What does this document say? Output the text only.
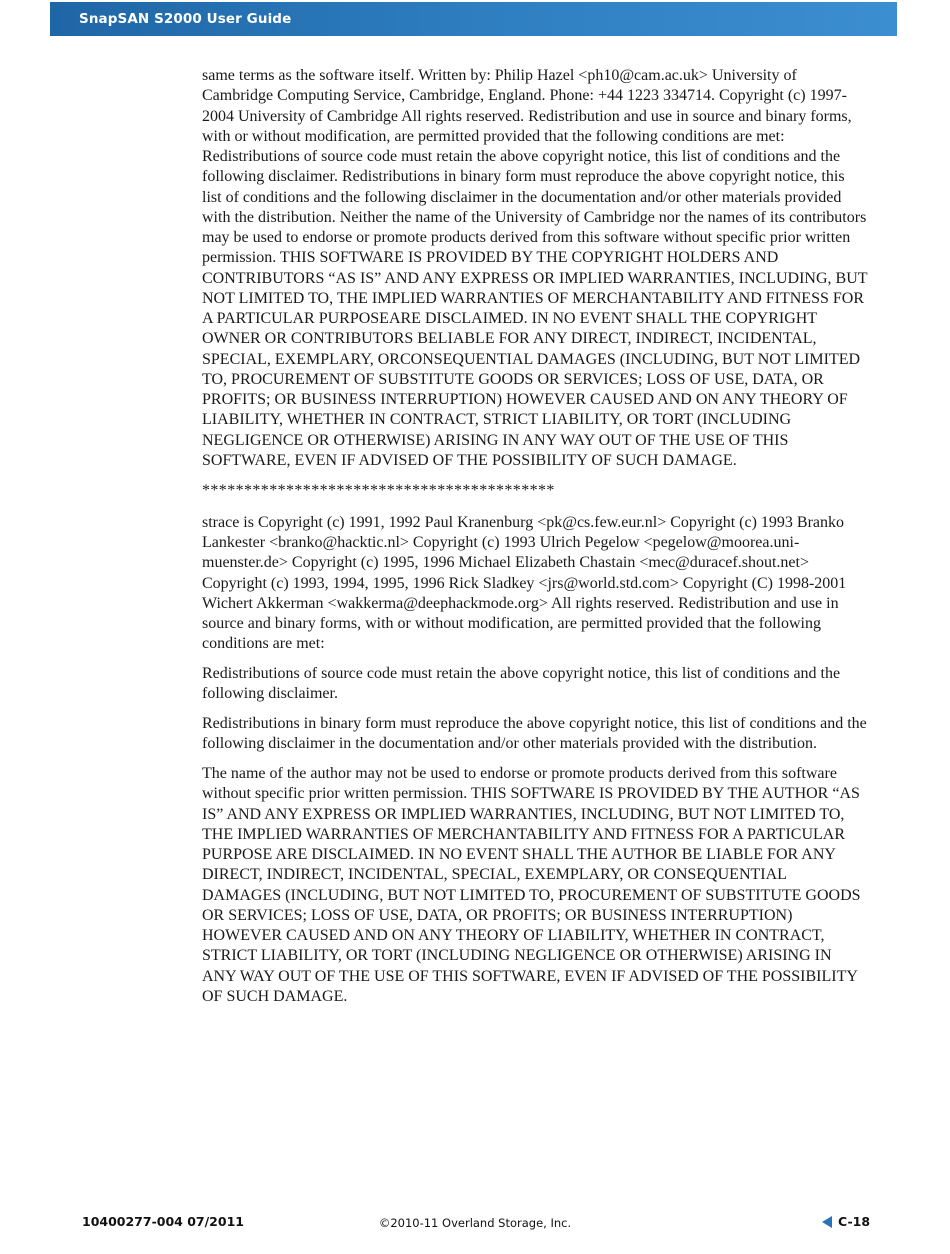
SnapSAN S2000 User Guide

same terms as the software itself. Written by: Philip Hazel <ph10@cam.ac.uk> University of Cambridge Computing Service, Cambridge, England. Phone: +44 1223 334714. Copyright (c) 1997-2004 University of Cambridge All rights reserved. Redistribution and use in source and binary forms, with or without modification, are permitted provided that the following conditions are met: Redistributions of source code must retain the above copyright notice, this list of conditions and the following disclaimer. Redistributions in binary form must reproduce the above copyright notice, this list of conditions and the following disclaimer in the documentation and/or other materials provided with the distribution. Neither the name of the University of Cambridge nor the names of its contributors may be used to endorse or promote products derived from this software without specific prior written permission. THIS SOFTWARE IS PROVIDED BY THE COPYRIGHT HOLDERS AND CONTRIBUTORS “AS IS” AND ANY EXPRESS OR IMPLIED WARRANTIES, INCLUDING, BUT NOT LIMITED TO, THE IMPLIED WARRANTIES OF MERCHANTABILITY AND FITNESS FOR A PARTICULAR PURPOSEARE DISCLAIMED. IN NO EVENT SHALL THE COPYRIGHT OWNER OR CONTRIBUTORS BELIABLE FOR ANY DIRECT, INDIRECT, INCIDENTAL, SPECIAL, EXEMPLARY, ORCONSEQUENTIAL DAMAGES (INCLUDING, BUT NOT LIMITED TO, PROCUREMENT OF SUBSTITUTE GOODS OR SERVICES; LOSS OF USE, DATA, OR PROFITS; OR BUSINESS INTERRUPTION) HOWEVER CAUSED AND ON ANY THEORY OF LIABILITY, WHETHER IN CONTRACT, STRICT LIABILITY, OR TORT (INCLUDING NEGLIGENCE OR OTHERWISE) ARISING IN ANY WAY OUT OF THE USE OF THIS SOFTWARE, EVEN IF ADVISED OF THE POSSIBILITY OF SUCH DAMAGE.

******************************************

strace is Copyright (c) 1991, 1992 Paul Kranenburg <pk@cs.few.eur.nl> Copyright (c) 1993 Branko Lankester <branko@hacktic.nl> Copyright (c) 1993 Ulrich Pegelow <pegelow@moorea.uni-muenster.de> Copyright (c) 1995, 1996 Michael Elizabeth Chastain <mec@duracef.shout.net> Copyright (c) 1993, 1994, 1995, 1996 Rick Sladkey <jrs@world.std.com> Copyright (C) 1998-2001 Wichert Akkerman <wakkerma@deephackmode.org> All rights reserved. Redistribution and use in source and binary forms, with or without modification, are permitted provided that the following conditions are met:

Redistributions of source code must retain the above copyright notice, this list of conditions and the following disclaimer.

Redistributions in binary form must reproduce the above copyright notice, this list of conditions and the following disclaimer in the documentation and/or other materials provided with the distribution.

The name of the author may not be used to endorse or promote products derived from this software without specific prior written permission. THIS SOFTWARE IS PROVIDED BY THE AUTHOR “AS IS” AND ANY EXPRESS OR IMPLIED WARRANTIES, INCLUDING, BUT NOT LIMITED TO, THE IMPLIED WARRANTIES OF MERCHANTABILITY AND FITNESS FOR A PARTICULAR PURPOSE ARE DISCLAIMED. IN NO EVENT SHALL THE AUTHOR BE LIABLE FOR ANY DIRECT, INDIRECT, INCIDENTAL, SPECIAL, EXEMPLARY, OR CONSEQUENTIAL DAMAGES (INCLUDING, BUT NOT LIMITED TO, PROCUREMENT OF SUBSTITUTE GOODS OR SERVICES; LOSS OF USE, DATA, OR PROFITS; OR BUSINESS INTERRUPTION) HOWEVER CAUSED AND ON ANY THEORY OF LIABILITY, WHETHER IN CONTRACT, STRICT LIABILITY, OR TORT (INCLUDING NEGLIGENCE OR OTHERWISE) ARISING IN ANY WAY OUT OF THE USE OF THIS SOFTWARE, EVEN IF ADVISED OF THE POSSIBILITY OF SUCH DAMAGE.

10400277-004 07/2011	©2010-11 Overland Storage, Inc.	C-18
